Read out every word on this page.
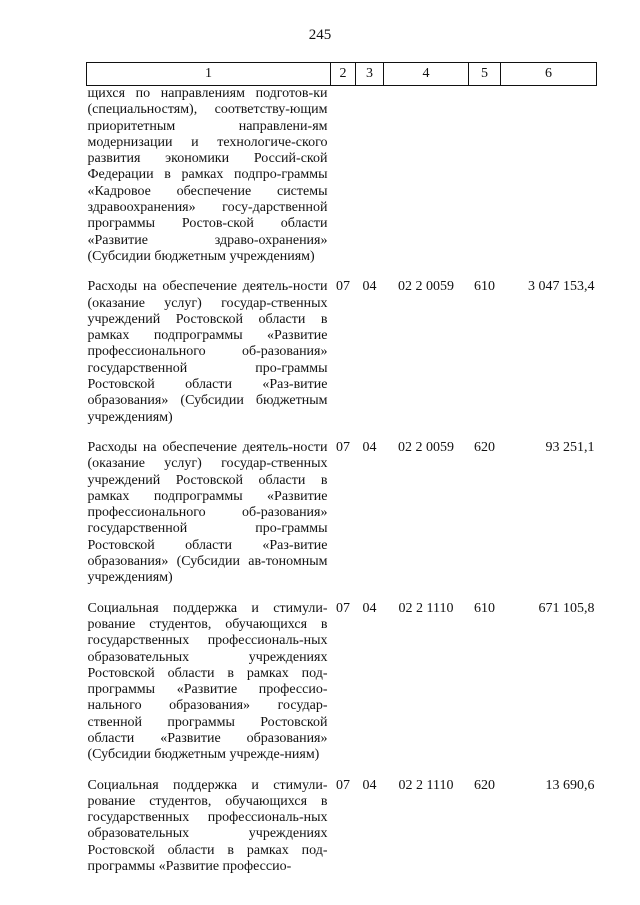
245
1	2	3	4	5	6
щихся по направлениям подготов-ки (специальностям), соответству-ющим приоритетным направлени-ям модернизации и технологиче-ского развития экономики Россий-ской Федерации в рамках подпро-граммы «Кадровое обеспечение системы здравоохранения» госу-дарственной программы Ростов-ской области «Развитие здраво-охранения» (Субсидии бюджетным учреждениям)					
Расходы на обеспечение деятель-ности (оказание услуг) государ-ственных учреждений Ростовской области в рамках подпрограммы «Развитие профессионального об-разования» государственной про-граммы Ростовской области «Раз-витие образования» (Субсидии бюджетным учреждениям)	07	04	02 2 0059	610	3 047 153,4
Расходы на обеспечение деятель-ности (оказание услуг) государ-ственных учреждений Ростовской области в рамках подпрограммы «Развитие профессионального об-разования» государственной про-граммы Ростовской области «Раз-витие образования» (Субсидии ав-тономным учреждениям)	07	04	02 2 0059	620	93 251,1
Социальная поддержка и стимули-рование студентов, обучающихся в государственных профессиональ-ных образовательных учреждениях Ростовской области в рамках под-программы «Развитие профессио-нального образования» государ-ственной программы Ростовской области «Развитие образования» (Субсидии бюджетным учрежде-ниям)	07	04	02 2 1110	610	671 105,8
Социальная поддержка и стимули-рование студентов, обучающихся в государственных профессиональ-ных образовательных учреждениях Ростовской области в рамках под-программы «Развитие профессио-	07	04	02 2 1110	620	13 690,6
